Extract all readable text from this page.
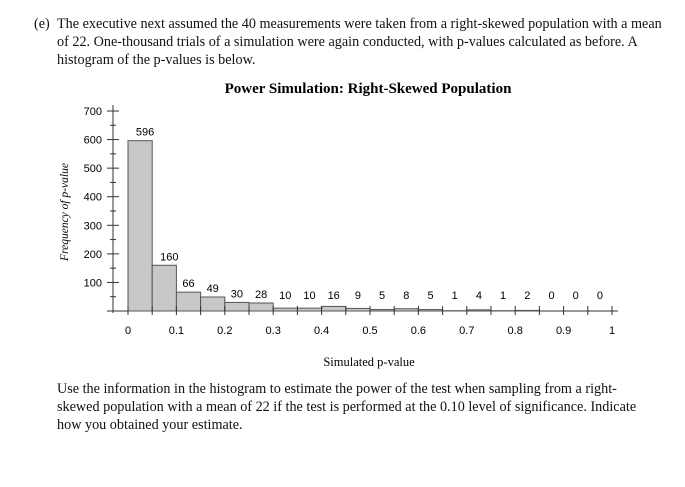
(e) The executive next assumed the 40 measurements were taken from a right-skewed population with a mean of 22. One-thousand trials of a simulation were again conducted, with p-values calculated as before. A histogram of the p-values is below.
Power Simulation: Right-Skewed Population
Frequency of p-value
596
160
66 49 30 28 10 10 16 9 5 8 5 1 4 1 2 0 0 0
100
200
300
400
500
600
700
0	0.1	0.2	0.3	0.4	0.5	0.6	0.7	0.8	0.9	1
Simulated p-value
Use the information in the histogram to estimate the power of the test when sampling from a right-skewed population with a mean of 22 if the test is performed at the 0.10 level of significance. Indicate how you obtained your estimate.
